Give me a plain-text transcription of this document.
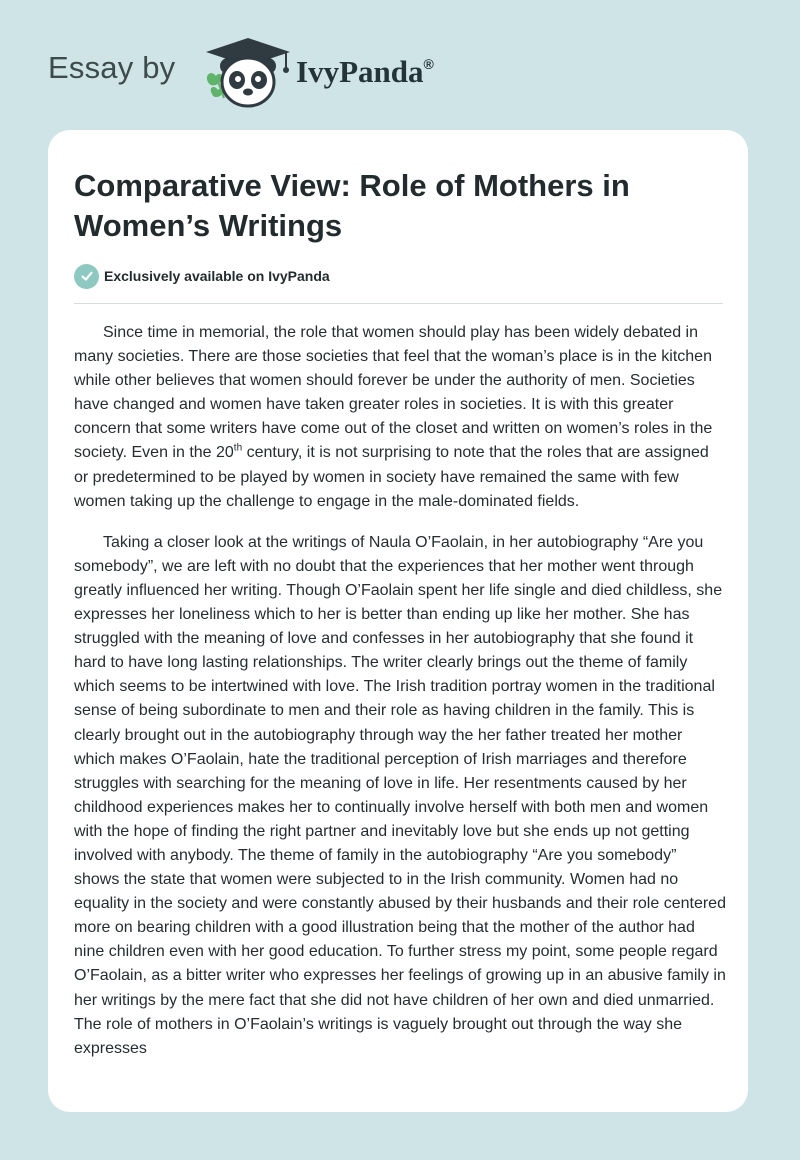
Essay by	IvyPanda®
Comparative View: Role of Mothers in Women’s Writings
Exclusively available on IvyPanda

Since time in memorial, the role that women should play has been widely debated in many societies. There are those societies that feel that the woman’s place is in the kitchen while other believes that women should forever be under the authority of men. Societies have changed and women have taken greater roles in societies. It is with this greater concern that some writers have come out of the closet and written on women’s roles in the society. Even in the 20th century, it is not surprising to note that the roles that are assigned or predetermined to be played by women in society have remained the same with few women taking up the challenge to engage in the male-dominated fields.

Taking a closer look at the writings of Naula O’Faolain, in her autobiography “Are you somebody”, we are left with no doubt that the experiences that her mother went through greatly influenced her writing. Though O’Faolain spent her life single and died childless, she expresses her loneliness which to her is better than ending up like her mother. She has struggled with the meaning of love and confesses in her autobiography that she found it hard to have long lasting relationships. The writer clearly brings out the theme of family which seems to be intertwined with love. The Irish tradition portray women in the traditional sense of being subordinate to men and their role as having children in the family. This is clearly brought out in the autobiography through way the her father treated her mother which makes O’Faolain, hate the traditional perception of Irish marriages and therefore struggles with searching for the meaning of love in life. Her resentments caused by her childhood experiences makes her to continually involve herself with both men and women with the hope of finding the right partner and inevitably love but she ends up not getting involved with anybody. The theme of family in the autobiography “Are you somebody” shows the state that women were subjected to in the Irish community. Women had no equality in the society and were constantly abused by their husbands and their role centered more on bearing children with a good illustration being that the mother of the author had nine children even with her good education. To further stress my point, some people regard O’Faolain, as a bitter writer who expresses her feelings of growing up in an abusive family in her writings by the mere fact that she did not have children of her own and died unmarried. The role of mothers in O’Faolain’s writings is vaguely brought out through the way she expresses
